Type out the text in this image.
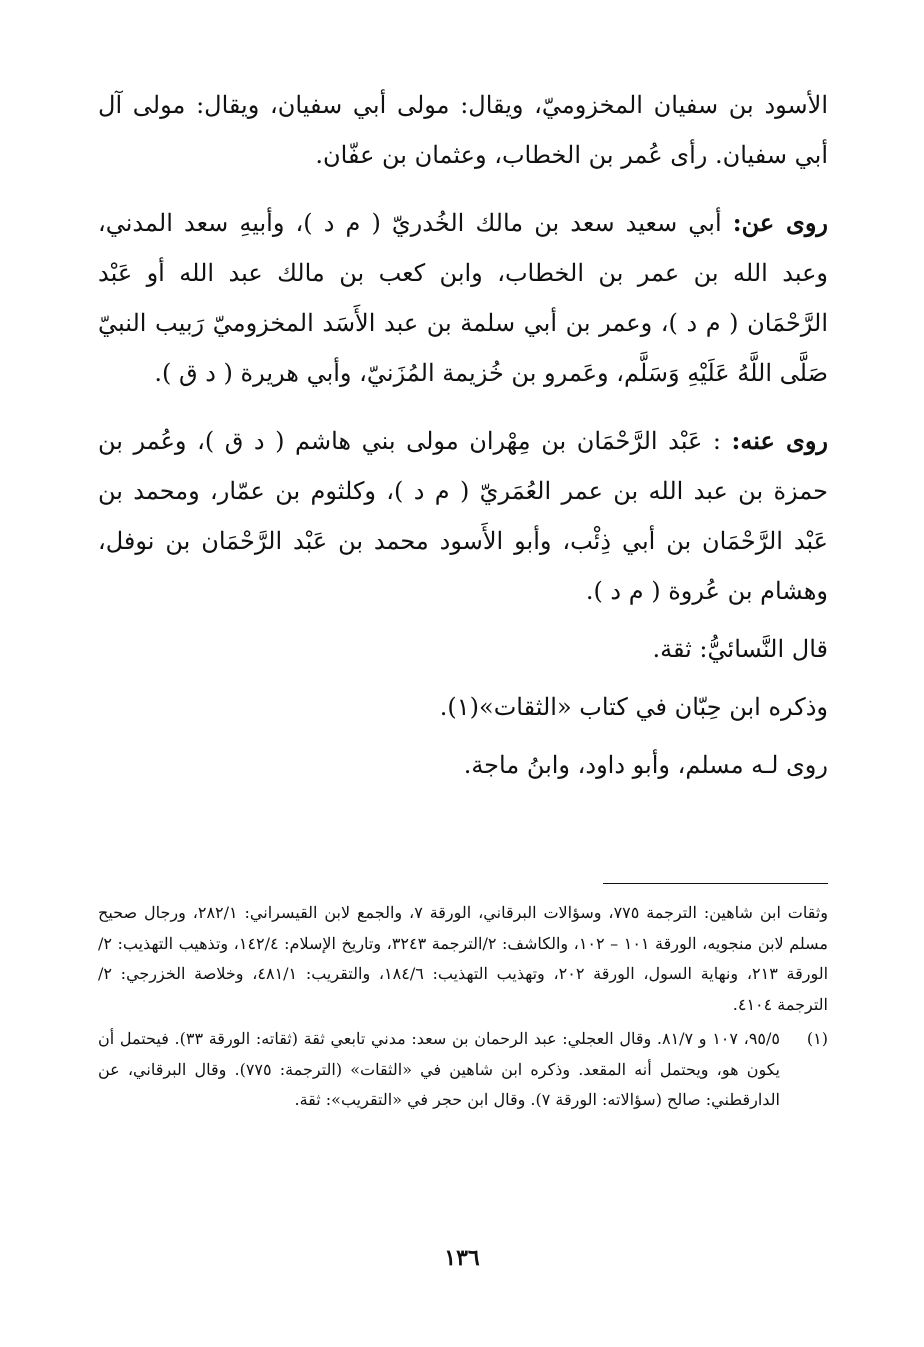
الأسود بن سفيان المخزوميّ، ويقال: مولى أبي سفيان، ويقال: مولى آل أبي سفيان. رأى عُمر بن الخطاب، وعثمان بن عفّان.

روى عن: أبي سعيد سعد بن مالك الخُدريّ ( م د )، وأبيهِ سعد المدني، وعبد الله بن عمر بن الخطاب، وابن كعب بن مالك عبد الله أو عَبْد الرَّحْمَان ( م د )، وعمر بن أبي سلمة بن عبد الأَسَد المخزوميّ رَبيب النبيّ صَلَّى اللَّهُ عَلَيْهِ وَسَلَّم، وعَمرو بن خُزيمة المُزَنيّ، وأبي هريرة ( د ق ).

روى عنه: : عَبْد الرَّحْمَان بن مِهْران مولى بني هاشم ( د ق )، وعُمر بن حمزة بن عبد الله بن عمر العُمَريّ ( م د )، وكلثوم بن عمّار، ومحمد بن عَبْد الرَّحْمَان بن أبي ذِئْب، وأبو الأَسود محمد بن عَبْد الرَّحْمَان بن نوفل، وهشام بن عُروة ( م د ).

قال النَّسائيُّ: ثقة.

وذكره ابن حِبّان في كتاب «الثقات»(١).

روى لـه مسلم، وأبو داود، وابنُ ماجة.

وثقات ابن شاهين: الترجمة ٧٧٥، وسؤالات البرقاني، الورقة ٧، والجمع لابن القيسراني: ٢٨٢/١، ورجال صحيح مسلم لابن منجويه، الورقة ١٠١ – ١٠٢، والكاشف: ٢/الترجمة ٣٢٤٣، وتاريخ الإسلام: ١٤٢/٤، وتذهيب التهذيب: ٢/الورقة ٢١٣، ونهاية السول، الورقة ٢٠٢، وتهذيب التهذيب: ١٨٤/٦، والتقريب: ٤٨١/١، وخلاصة الخزرجي: ٢/الترجمة ٤١٠٤.

(١)
٩٥/٥، ١٠٧ و ٨١/٧. وقال العجلي: عبد الرحمان بن سعد: مدني تابعي ثقة (ثقاته: الورقة ٣٣). فيحتمل أن يكون هو، ويحتمل أنه المقعد. وذكره ابن شاهين في «الثقات» (الترجمة: ٧٧٥). وقال البرقاني، عن الدارقطني: صالح (سؤالاته: الورقة ٧). وقال ابن حجر في «التقريب»: ثقة.
١٣٦
